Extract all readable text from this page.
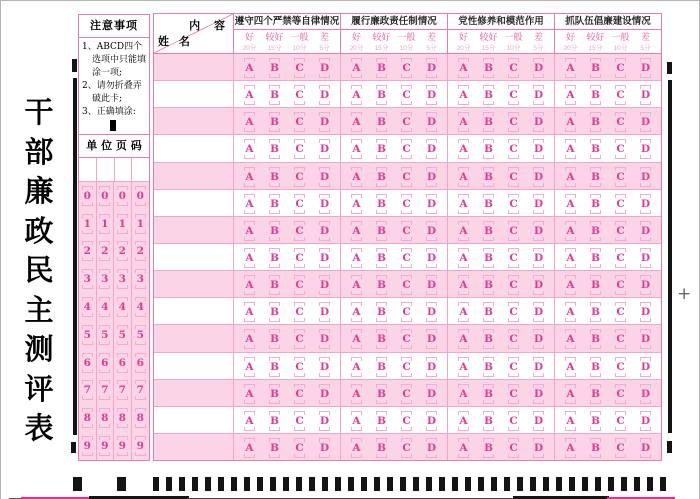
干
部
廉
政
民
主
测
评
表
+
注意事项
1、ABCD四个选项中只能填涂一项;
2、请勿折叠弄破此卡;
3、正确填涂:
单 位 页 码
0 0 0 0
1 1 1 1
2 2 2 2
3 3 3 3
4 4 4 4
5 5 5 5
6 6 6 6
7 7 7 7
8 8 8 8
9 9 9 9
内 容
姓 名
遵守四个严禁等自律情况
好	较好 一般	差
20分	15分	10分	5分
履行廉政责任制情况
好	较好 一般	差
20分	15分	10分	5分
党性修养和模范作用
好	较好 一般	差
20分	15分	10分	5分
抓队伍倡廉建设情况
好	较好 一般	差
20分	15分	10分	5分
A	B	C	D	A	B	C	D	A	B	C	D	A	B	C	D
A	B	C	D	A	B	C	D	A	B	C	D	A	B	C	D
A	B	C	D	A	B	C	D	A	B	C	D	A	B	C	D
A	B	C	D	A	B	C	D	A	B	C	D	A	B	C	D
A	B	C	D	A	B	C	D	A	B	C	D	A	B	C	D
A	B	C	D	A	B	C	D	A	B	C	D	A	B	C	D
A	B	C	D	A	B	C	D	A	B	C	D	A	B	C	D
A	B	C	D	A	B	C	D	A	B	C	D	A	B	C	D
A	B	C	D	A	B	C	D	A	B	C	D	A	B	C	D
A	B	C	D	A	B	C	D	A	B	C	D	A	B	C	D
A	B	C	D	A	B	C	D	A	B	C	D	A	B	C	D
A	B	C	D	A	B	C	D	A	B	C	D	A	B	C	D
A	B	C	D	A	B	C	D	A	B	C	D	A	B	C	D
A	B	C	D	A	B	C	D	A	B	C	D	A	B	C	D
A	B	C	D	A	B	C	D	A	B	C	D	A	B	C	D
